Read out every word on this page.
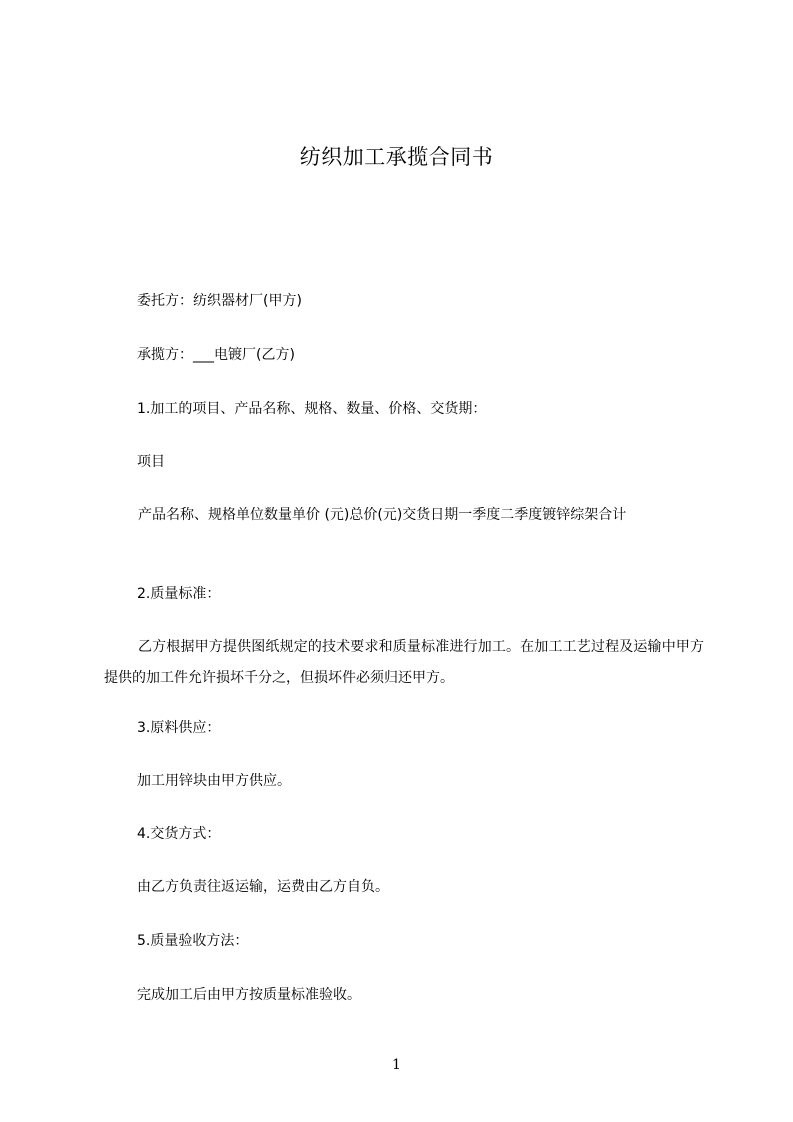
纺织加工承揽合同书
委托方：纺织器材厂(甲方)
承揽方：___电镀厂(乙方)
1.加工的项目、产品名称、规格、数量、价格、交货期：
项目
产品名称、规格单位数量单价 (元)总价(元)交货日期一季度二季度镀锌综架合计
2.质量标准：
乙方根据甲方提供图纸规定的技术要求和质量标准进行加工。在加工工艺过程及运输中甲方提供的加工件允许损坏千分之，但损坏件必须归还甲方。
3.原料供应：
加工用锌块由甲方供应。
4.交货方式：
由乙方负责往返运输，运费由乙方自负。
5.质量验收方法：
完成加工后由甲方按质量标准验收。
1
